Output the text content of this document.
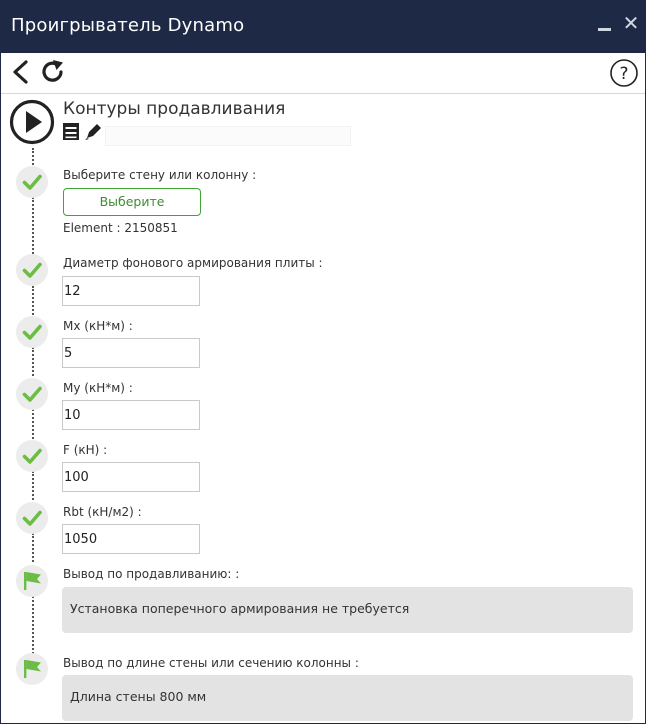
Проигрыватель Dynamo	✕
?
Контуры продавливания
Выберите стену или колонну :
Выберите
Element : 2150851
Диаметр фонового армирования плиты :
12
Mx (кН*м) :
5
My (кН*м) :
10
F (кН) :
100
Rbt (кН/м2) :
1050
Вывод по продавливанию: :
Установка поперечного армирования не требуется
Вывод по длине стены или сечению колонны :
Длина стены 800 мм
